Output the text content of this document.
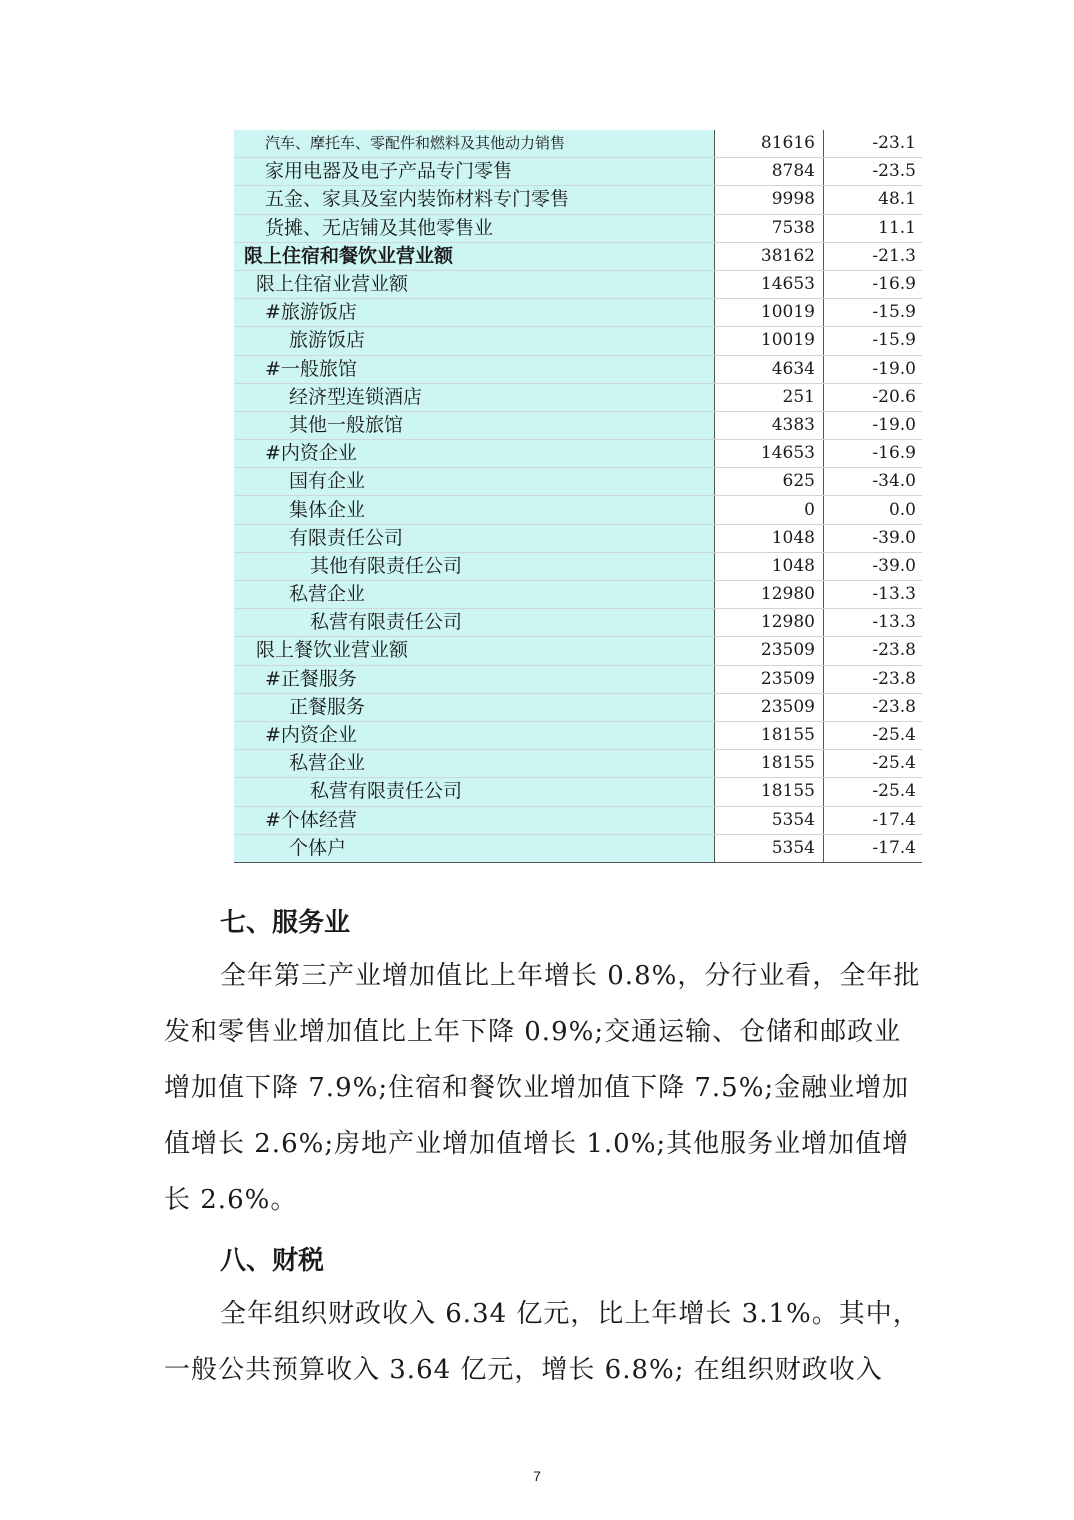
汽车、摩托车、零配件和燃料及其他动力销售	81616	-23.1
家用电器及电子产品专门零售	8784	-23.5
五金、家具及室内装饰材料专门零售	9998	48.1
货摊、无店铺及其他零售业	7538	11.1
限上住宿和餐饮业营业额	38162	-21.3
限上住宿业营业额	14653	-16.9
#旅游饭店	10019	-15.9
旅游饭店	10019	-15.9
#一般旅馆	4634	-19.0
经济型连锁酒店	251	-20.6
其他一般旅馆	4383	-19.0
#内资企业	14653	-16.9
国有企业	625	-34.0
集体企业	0	0.0
有限责任公司	1048	-39.0
其他有限责任公司	1048	-39.0
私营企业	12980	-13.3
私营有限责任公司	12980	-13.3
限上餐饮业营业额	23509	-23.8
#正餐服务	23509	-23.8
正餐服务	23509	-23.8
#内资企业	18155	-25.4
私营企业	18155	-25.4
私营有限责任公司	18155	-25.4
#个体经营	5354	-17.4
个体户	5354	-17.4
七、服务业

全年第三产业增加值比上年增长 0.8%，分行业看，全年批发和零售业增加值比上年下降 0.9%;交通运输、仓储和邮政业增加值下降 7.9%;住宿和餐饮业增加值下降 7.5%;金融业增加值增长 2.6%;房地产业增加值增长 1.0%;其他服务业增加值增长 2.6%。

八、财税

全年组织财政收入 6.34 亿元，比上年增长 3.1%。其中，一般公共预算收入 3.64 亿元，增长 6.8%; 在组织财政收入

7
